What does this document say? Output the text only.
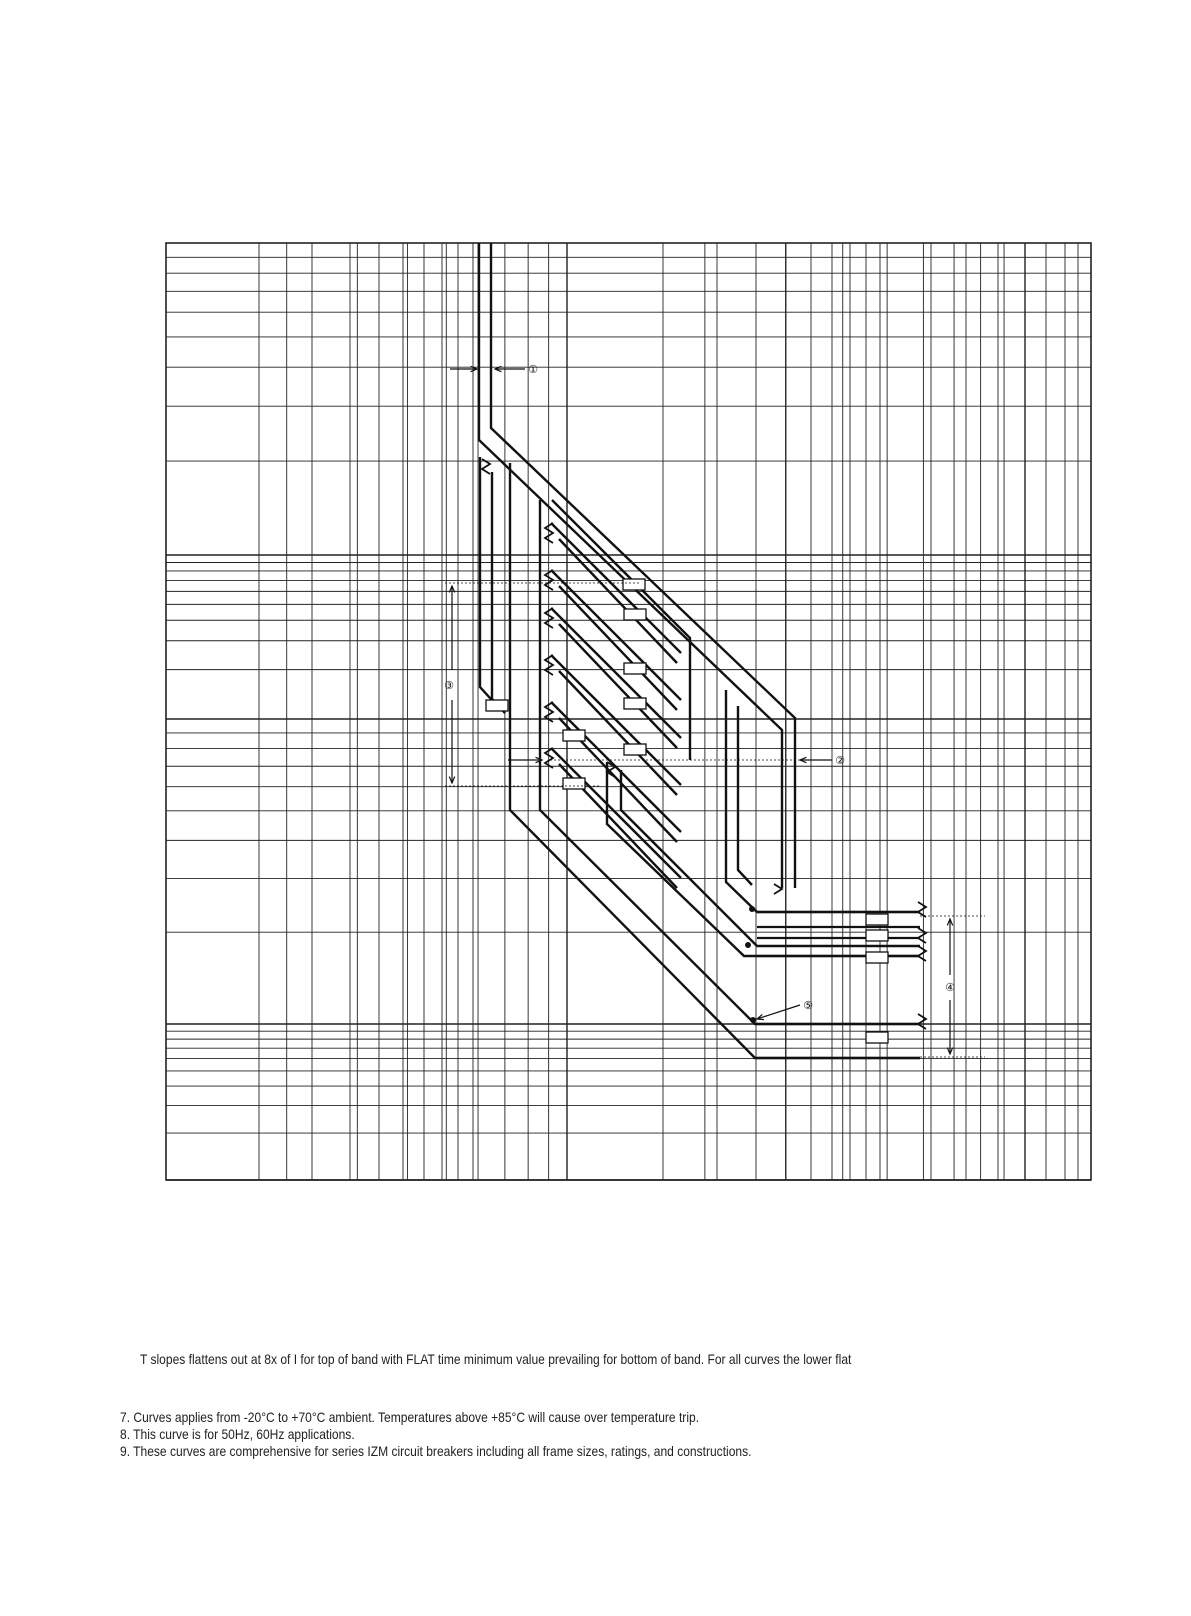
①
②
③
④
⑤
T slopes flattens out at 8x of I for top of band with FLAT time minimum value prevailing for bottom of band. For all curves the lower flat
7. Curves applies from -20°C to +70°C ambient. Temperatures above +85°C will cause over temperature trip.
8. This curve is for 50Hz, 60Hz applications.
9. These curves are comprehensive for series IZM circuit breakers including all frame sizes, ratings, and constructions.
